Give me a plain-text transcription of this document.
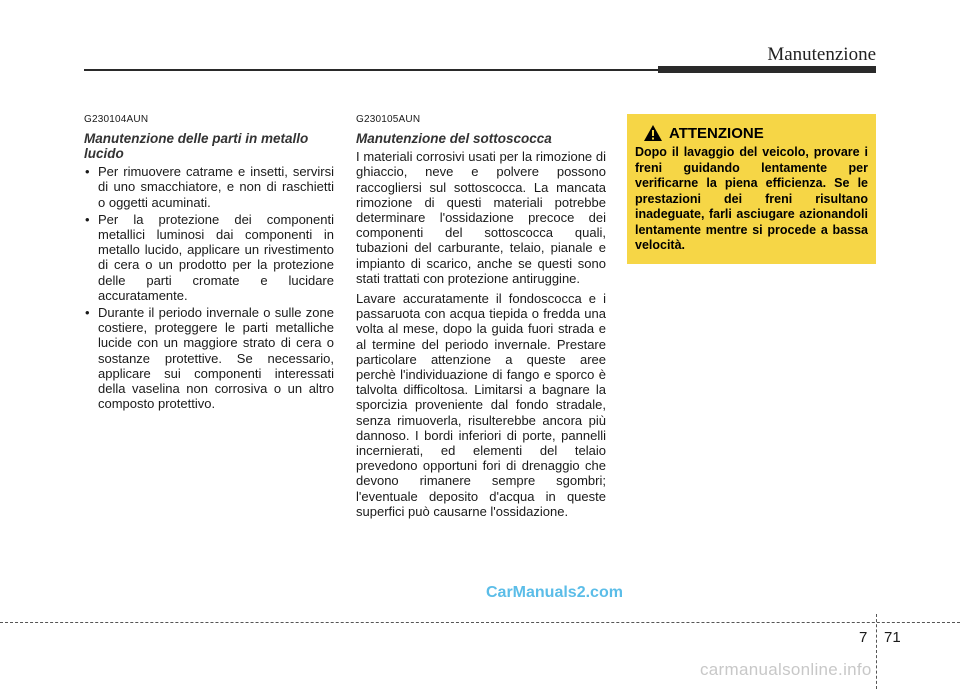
Manutenzione
G230104AUN
Manutenzione delle parti in metallo lucido
• Per rimuovere catrame e insetti, servirsi di uno smacchiatore, e non di raschietti o oggetti acuminati.
• Per la protezione dei componenti metallici luminosi dai componenti in metallo lucido, applicare un rivestimento di cera o un prodotto per la protezione delle parti cromate e lucidare accuratamente.
• Durante il periodo invernale o sulle zone costiere, proteggere le parti metalliche lucide con un maggiore strato di cera o sostanze protettive. Se necessario, applicare sui componenti interessati della vaselina non corrosiva o un altro composto protettivo.
G230105AUN
Manutenzione del sottoscocca

I materiali corrosivi usati per la rimozione di ghiaccio, neve e polvere possono raccogliersi sul sottoscocca. La mancata rimozione di questi materiali potrebbe determinare l'ossidazione precoce dei componenti del sottoscocca quali, tubazioni del carburante, telaio, pianale e impianto di scarico, anche se questi sono stati trattati con protezione antiruggine.

Lavare accuratamente il fondoscocca e i passaruota con acqua tiepida o fredda una volta al mese, dopo la guida fuori strada e al termine del periodo invernale. Prestare particolare attenzione a queste aree perchè l'individuazione di fango e sporco è talvolta difficoltosa. Limitarsi a bagnare la sporcizia proveniente dal fondo stradale, senza rimuoverla, risulterebbe ancora più dannoso. I bordi inferiori di porte, pannelli incernierati, ed elementi del telaio prevedono opportuni fori di drenaggio che devono rimanere sempre sgombri; l'eventuale deposito d'acqua in queste superfici può causarne l'ossidazione.

ATTENZIONE
Dopo il lavaggio del veicolo, provare i freni guidando lentamente per verificarne la piena efficienza. Se le prestazioni dei freni risultano inadeguate, farli asciugare azionandoli lentamente mentre si procede a bassa velocità.
CarManuals2.com
7 71
carmanualsonline.info
